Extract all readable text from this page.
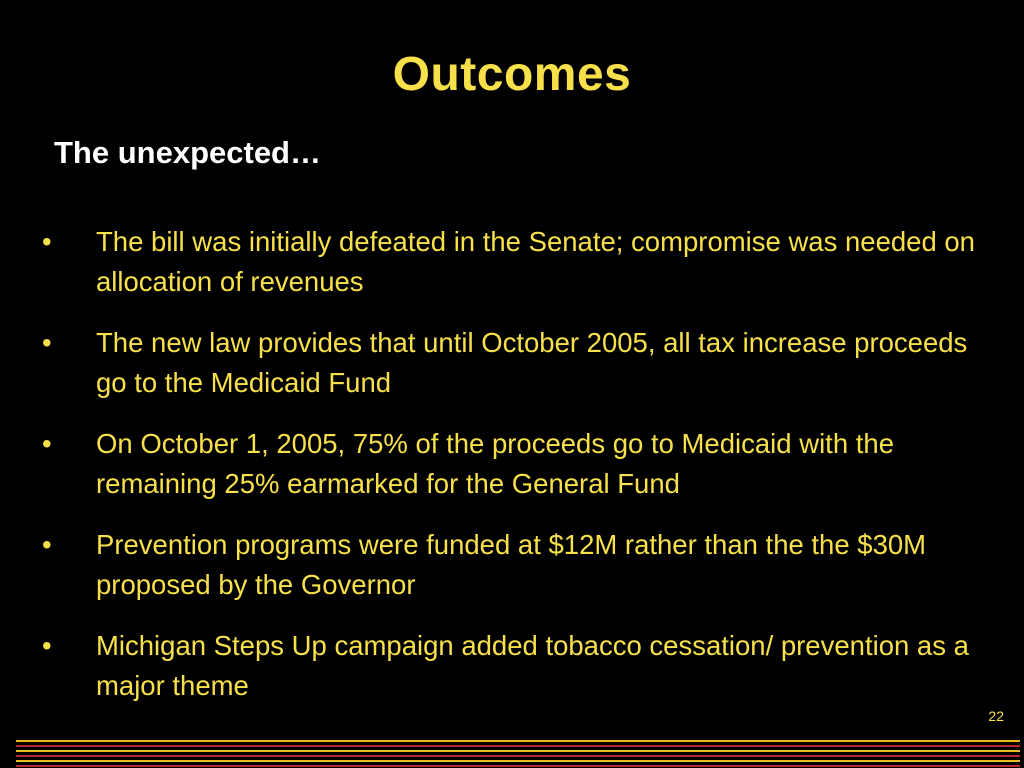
Outcomes
The unexpected…
•	The bill was initially defeated in the Senate; compromise was needed on allocation of revenues
•	The new law provides that until October 2005, all tax increase proceeds go to the Medicaid Fund
•	On October 1, 2005, 75% of the proceeds go to Medicaid with the remaining 25% earmarked for the General Fund
•	Prevention programs were funded at $12M rather than the the $30M proposed by the Governor
•	Michigan Steps Up campaign added tobacco cessation/ prevention as a major theme
22
